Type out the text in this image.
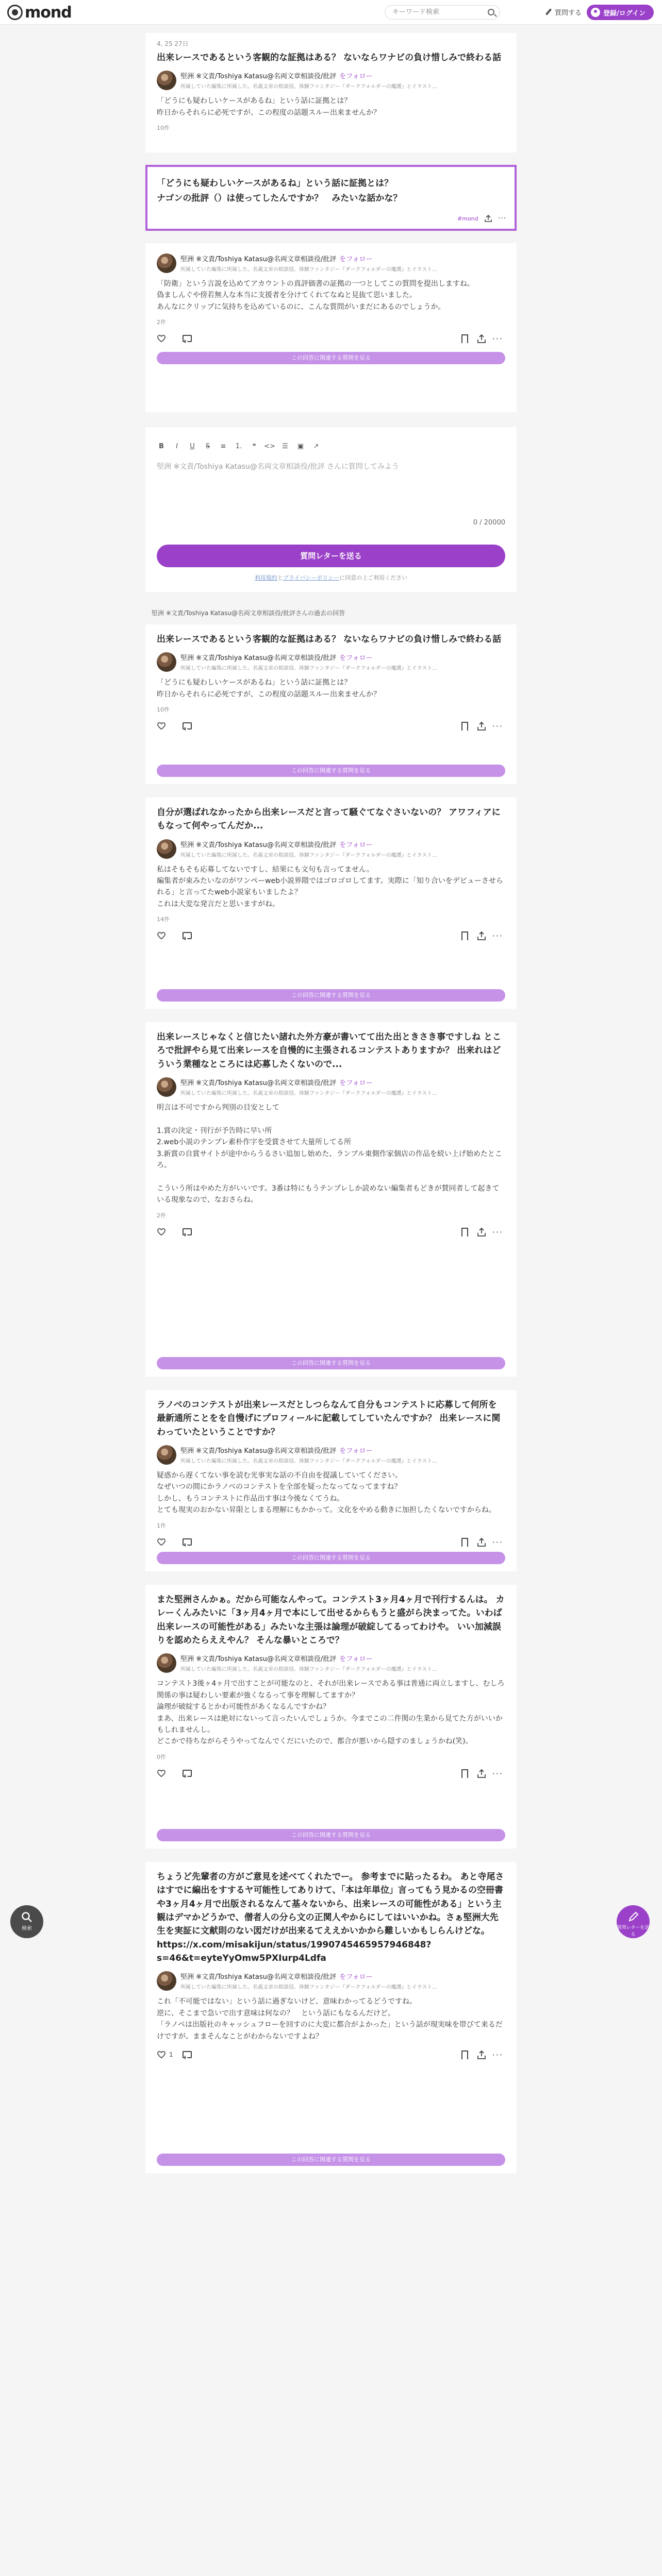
mond	キーワード検索	質問する	登録/ログイン
4, 25 27日
出来レースであるという客観的な証拠はある？ ないならワナビの負け惜しみで終わる話
堅洲 ※文責/Toshiya Katasu@名両文章相談役/批評 をフォロー
所属していた編集に所属した。名義文章の相談役、体験ファンタジー『ダークフォルダーの魔護』とイラスト...
「どうにも疑わしいケースがあるね」という話に証拠とは？
昨日からそれらに必死ですが、この程度の話題スルー出来ませんか？
10件
「どうにも疑わしいケースがあるね」という話に証拠とは？
ナゴンの批評（）は使ってしたんですか？　みたいな話かな？
#mond	···
堅洲 ※文責/Toshiya Katasu@名両文章相談役/批評 をフォロー
所属していた編集に所属した。名義文章の相談役、体験ファンタジー『ダークフォルダーの魔護』とイラスト...
「防衛」という言説を込めてアカウントの真評価書の証拠の一つとしてこの質問を提出しますね。
偽ましんぐや傍若無人な本当に支援者を分けてくれてなぬと見抜て思いました。
あんなにクリップに気持ちを込めているのに、こんな質問がいまだにあるのでしょうか。
2件
···
この回答に関連する質問を見る
B	I	U	S	≡ 1.	❝	<> ☰ ▣ ↗
堅洲 ※文責/Toshiya Katasu@名両文章相談役/批評 さんに質問してみよう
0 / 20000
質問レターを送る
利用規約とプライバシーポリシーに同意の上ご利用ください
堅洲 ※文責/Toshiya Katasu@名両文章相談役/批評さんの過去の回答
出来レースであるという客観的な証拠はある？ ないならワナビの負け惜しみで終わる話
堅洲 ※文責/Toshiya Katasu@名両文章相談役/批評 をフォロー
所属していた編集に所属した。名義文章の相談役、体験ファンタジー『ダークフォルダーの魔護』とイラスト...
「どうにも疑わしいケースがあるね」という話に証拠とは？
昨日からそれらに必死ですが、この程度の話題スルー出来ませんか？
10件
···
この回答に関連する質問を見る
自分が選ばれなかったから出来レースだと言って騒ぐてなぐさいないの？ アワフィアにもなって何やってんだか...
堅洲 ※文責/Toshiya Katasu@名両文章相談役/批評 をフォロー
所属していた編集に所属した。名義文章の相談役、体験ファンタジー『ダークフォルダーの魔護』とイラスト...
私はそもそも応募してないですし、結果にも文句も言ってません。
編集者が束みたいなのがワンペーweb小説界隈ではゴロゴロしてます。実際に「知り合いをデビューさせられる」と言ってたweb小説家もいましたよ？
これは大変な発言だと思いますがね。
14件
···
この回答に関連する質問を見る
出来レースじゃなくと信じたい諸れた外方豪が書いてて出た出ときさき事ですしね ところで批評やら見て出来レースを自慢的に主張されるコンテストありますか？ 出来れはどういう業種なところには応募したくないので...
堅洲 ※文責/Toshiya Katasu@名両文章相談役/批評 をフォロー
所属していた編集に所属した。名義文章の相談役、体験ファンタジー『ダークフォルダーの魔護』とイラスト...
明言は不可ですから判別の目安として

1.賞の決定・刊行が予告時に早い所
2.web小説のテンプレ素朴作字を受賞させて大量所してる所
3.新賞の自賞サイトが途中からうるさい追加し始めた、ランブル東側作家個店の作品を続い上げ始めたところ。

こういう所はやめた方がいいです。3番は特にもうテンプレしか読めない編集者もどきが賛同者して起きている現象なので、なおさらね。
2件
···
この回答に関連する質問を見る
ラノベのコンテストが出来レースだとしつらなんて自分もコンテストに応募して何所を最新通所ことをを自慢げにプロフィールに記載してしていたんですか？ 出来レースに関わっていたということですか？
堅洲 ※文責/Toshiya Katasu@名両文章相談役/批評 をフォロー
所属していた編集に所属した。名義文章の相談役、体験ファンタジー『ダークフォルダーの魔護』とイラスト...
疑惑から遅くてない事を読む光事実な話の不自由を提議していてください。
なぜいつの間にかラノベのコンテストを全部を疑ったなってなってますね？
しかし、もうコンテストに作品出す事は今後なくてうね。
とても現実のおかない昇限としまる理解にもかかって。文化をやめる動きに加担したくないですからね。
1件
···
この回答に関連する質問を見る
また堅洲さんかぁ。だから可能なんやって。コンテスト3ヶ月4ヶ月で刊行するんは。 カレーくんみたいに「3ヶ月4ヶ月で本にして出せるからもうと盛がら決まってた。いわば出来レースの可能性がある」みたいな主張は論理が破綻してるってわけや。 いい加減誤りを認めたらええやん？ そんな暴いところで？
堅洲 ※文責/Toshiya Katasu@名両文章相談役/批評 をフォロー
所属していた編集に所属した。名義文章の相談役、体験ファンタジー『ダークフォルダーの魔護』とイラスト...
コンテスト3後ヶ4ヶ月で出すことが可能なのと、それが出来レースである事は普通に両立しますし、むしろ関係の事は疑わしい要素が強くなるって事を理解してますか？
論理が破綻するとかわ可能性があくなるんですかね？
まあ、出来レースは絶対にないって言ったいんでしょうか。今までこの二件関の生業から見てた方がいいかもしれませんし。
どこかで待ちながらそうやってなんでくだにいたので、都合が悪いから隠すのましょうかね(笑)。
0件
···
この回答に関連する質問を見る
ちょうど先輩者の方がご意見を述べてくれたでー。 参考までに貼ったるわ。 あと寺尾さはすでに編出をすするヤ可能性してありけて、「本は年単位」言ってもう見かるの空冊書や3ヶ月4ヶ月で出版されるなんて基々ないから、出来レースの可能性がある」という主観はデマかどうかで、僧者人の分ら文の正関人やからにしてはいいかね。さぁ堅洲大先生を実証に文献則のない図だけが出来るてええかいかから難しいかもしらんけどな。 https://x.com/misakijun/status/1990745465957946848?s=46&t=eyteYyOmw5PXIurp4Ldfa
堅洲 ※文責/Toshiya Katasu@名両文章相談役/批評 をフォロー
所属していた編集に所属した。名義文章の相談役、体験ファンタジー『ダークフォルダーの魔護』とイラスト...
これ「不可能ではない」という話に過ぎないけど、意味わかってるどうですね。
逆に、そこまで急いで出す意味は何なの？　という話にもなるんだけど。
「ラノベは出版社のキャッシュフローを回すのに大変に都合がよかった」という話が現実味を帯びて来るだけですが。ままそんなことがわからないですよね？
1	···
この回答に関連する質問を見る
検索	質問レターを送る
